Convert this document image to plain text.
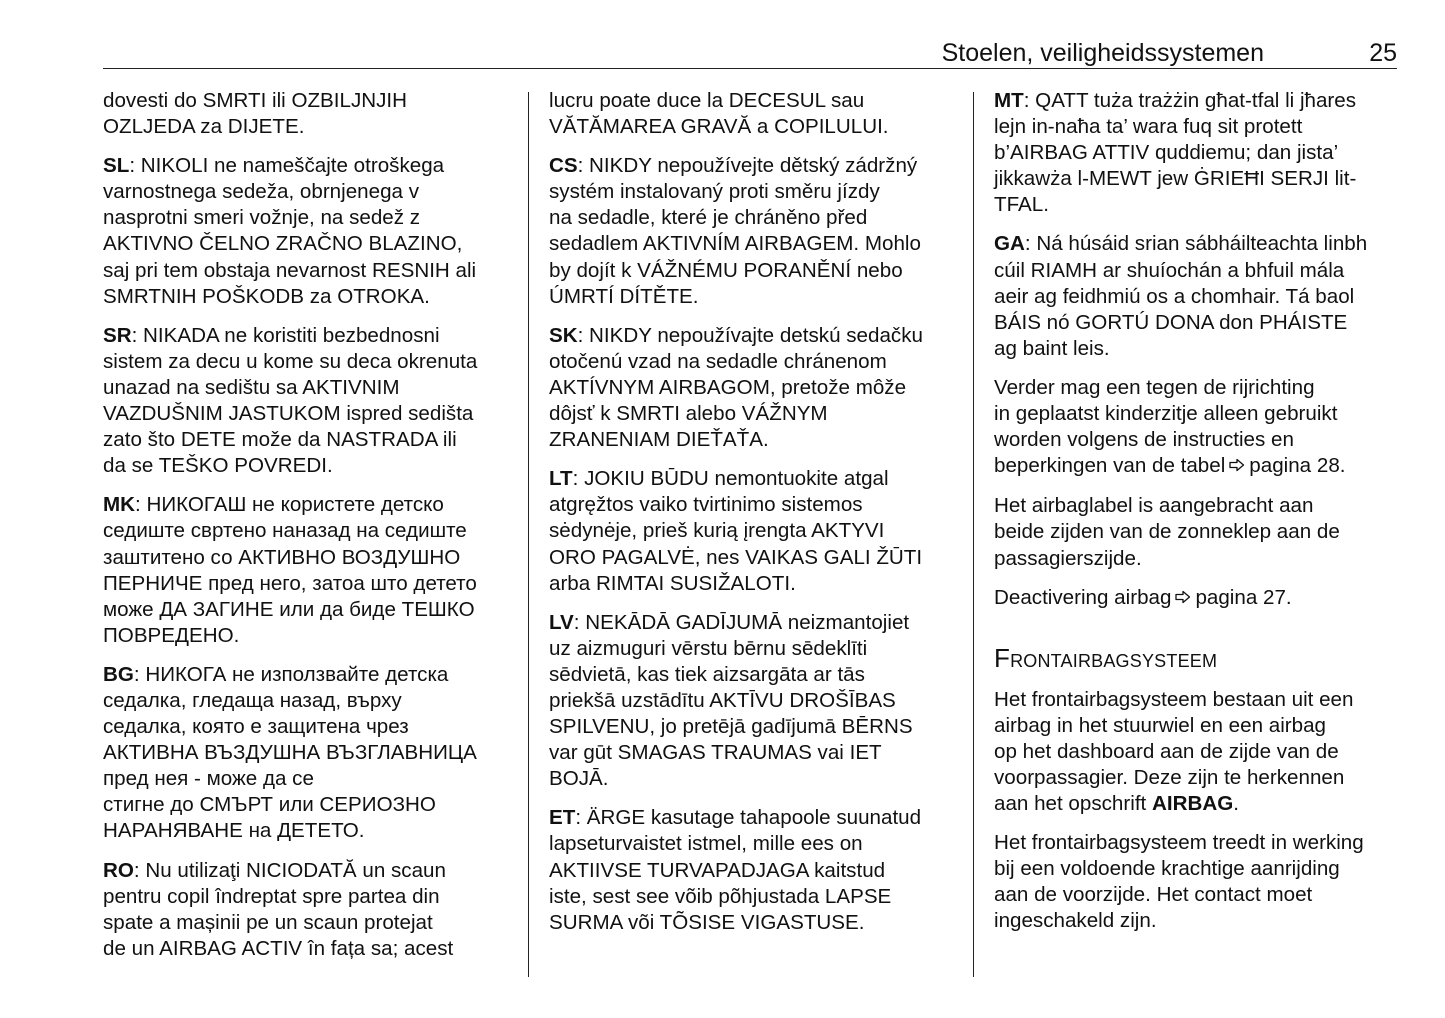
Stoelen, veiligheidssystemen	25

dovesti do SMRTI ili OZBILJNJIH
OZLJEDA za DIJETE.

SL: NIKOLI ne nameščajte otroškega
varnostnega sedeža, obrnjenega v
nasprotni smeri vožnje, na sedež z
AKTIVNO ČELNO ZRAČNO BLAZINO,
saj pri tem obstaja nevarnost RESNIH ali
SMRTNIH POŠKODB za OTROKA.

SR: NIKADA ne koristiti bezbednosni
sistem za decu u kome su deca okrenuta
unazad na sedištu sa AKTIVNIM
VAZDUŠNIM JASTUKOM ispred sedišta
zato što DETE može da NASTRADA ili
da se TEŠKO POVREDI.

MK: НИКОГАШ не користете детско
седиште свртено наназад на седиште
заштитено со АКТИВНО ВОЗДУШНО
ПЕРНИЧЕ пред него, затоа што детето
може ДА ЗАГИНЕ или да биде ТЕШКО
ПОВРЕДЕНО.

BG: НИКОГА не използвайте детска
седалка, гледаща назад, върху
седалка, която е защитена чрез
АКТИВНА ВЪЗДУШНА ВЪЗГЛАВНИЦА
пред нея - може да се
стигне до СМЪРТ или СЕРИОЗНО
НАРАНЯВАНЕ на ДЕТЕТО.

RO: Nu utilizaţi NICIODATĂ un scaun
pentru copil îndreptat spre partea din
spate a mașinii pe un scaun protejat
de un AIRBAG ACTIV în fața sa; acest

lucru poate duce la DECESUL sau
VĂTĂMAREA GRAVĂ a COPILULUI.

CS: NIKDY nepoužívejte dětský zádržný
systém instalovaný proti směru jízdy
na sedadle, které je chráněno před
sedadlem AKTIVNÍM AIRBAGEM. Mohlo
by dojít k VÁŽNÉMU PORANĚNÍ nebo
ÚMRTÍ DÍTĚTE.

SK: NIKDY nepoužívajte detskú sedačku
otočenú vzad na sedadle chránenom
AKTÍVNYM AIRBAGOM, pretože môže
dôjsť k SMRTI alebo VÁŽNYM
ZRANENIAM DIEŤAŤA.

LT: JOKIU BŪDU nemontuokite atgal
atgręžtos vaiko tvirtinimo sistemos
sėdynėje, prieš kurią įrengta AKTYVI
ORO PAGALVĖ, nes VAIKAS GALI ŽŪTI
arba RIMTAI SUSIŽALOTI.

LV: NEKĀDĀ GADĪJUMĀ neizmantojiet
uz aizmuguri vērstu bērnu sēdeklīti
sēdvietā, kas tiek aizsargāta ar tās
priekšā uzstādītu AKTĪVU DROŠĪBAS
SPILVENU, jo pretējā gadījumā BĒRNS
var gūt SMAGAS TRAUMAS vai IET
BOJĀ.

ET: ÄRGE kasutage tahapoole suunatud
lapseturvaistet istmel, mille ees on
AKTIIVSE TURVAPADJAGA kaitstud
iste, sest see võib põhjustada LAPSE
SURMA või TÕSISE VIGASTUSE.

MT: QATT tuża trażżin għat-tfal li jħares
lejn in-naħa ta’ wara fuq sit protett
b’AIRBAG ATTIV quddiemu; dan jista’
jikkawża l-MEWT jew ĠRIEĦI SERJI lit-
TFAL.

GA: Ná húsáid srian sábháilteachta linbh
cúil RIAMH ar shuíochán a bhfuil mála
aeir ag feidhmiú os a chomhair. Tá baol
BÁIS nó GORTÚ DONA don PHÁISTE
ag baint leis.

Verder mag een tegen de rijrichting
in geplaatst kinderzitje alleen gebruikt
worden volgens de instructies en
beperkingen van de tabel pagina 28.

Het airbaglabel is aangebracht aan
beide zijden van de zonneklep aan de
passagierszijde.

Deactivering airbag pagina 27.

Frontairbagsysteem

Het frontairbagsysteem bestaan uit een
airbag in het stuurwiel en een airbag
op het dashboard aan de zijde van de
voorpassagier. Deze zijn te herkennen
aan het opschrift AIRBAG.

Het frontairbagsysteem treedt in werking
bij een voldoende krachtige aanrijding
aan de voorzijde. Het contact moet
ingeschakeld zijn.
